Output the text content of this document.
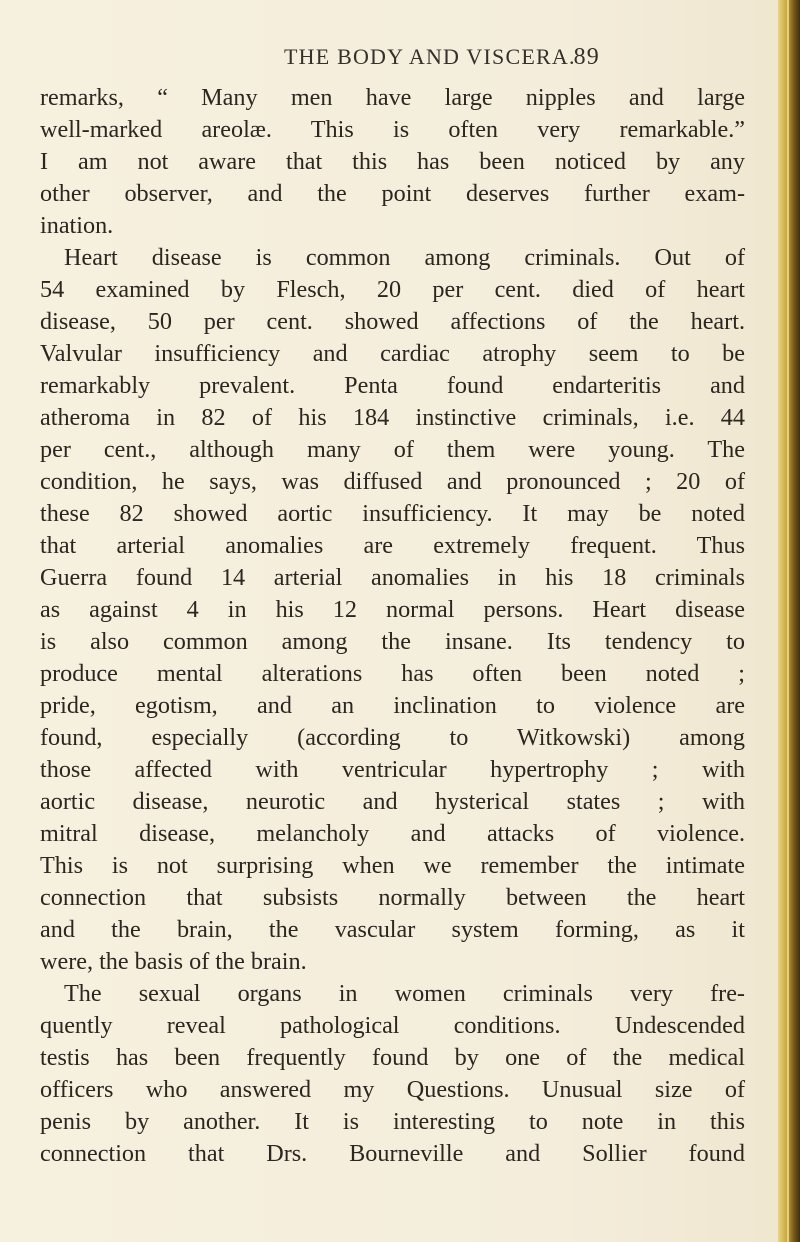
THE BODY AND VISCERA.
89
remarks, “ Many men have large nipples and large
well-marked areolæ. This is often very remarkable.”
I am not aware that this has been noticed by any
other observer, and the point deserves further exam-
ination.
Heart disease is common among criminals. Out of
54 examined by Flesch, 20 per cent. died of heart
disease, 50 per cent. showed affections of the heart.
Valvular insufficiency and cardiac atrophy seem to be
remarkably prevalent. Penta found endarteritis and
atheroma in 82 of his 184 instinctive criminals, i.e. 44
per cent., although many of them were young. The
condition, he says, was diffused and pronounced ; 20 of
these 82 showed aortic insufficiency. It may be noted
that arterial anomalies are extremely frequent. Thus
Guerra found 14 arterial anomalies in his 18 criminals
as against 4 in his 12 normal persons. Heart disease
is also common among the insane. Its tendency to
produce mental alterations has often been noted ;
pride, egotism, and an inclination to violence are
found, especially (according to Witkowski) among
those affected with ventricular hypertrophy ; with
aortic disease, neurotic and hysterical states ; with
mitral disease, melancholy and attacks of violence.
This is not surprising when we remember the intimate
connection that subsists normally between the heart
and the brain, the vascular system forming, as it
were, the basis of the brain.
The sexual organs in women criminals very fre-
quently reveal pathological conditions. Undescended
testis has been frequently found by one of the medical
officers who answered my Questions. Unusual size of
penis by another. It is interesting to note in this
connection that Drs. Bourneville and Sollier found
